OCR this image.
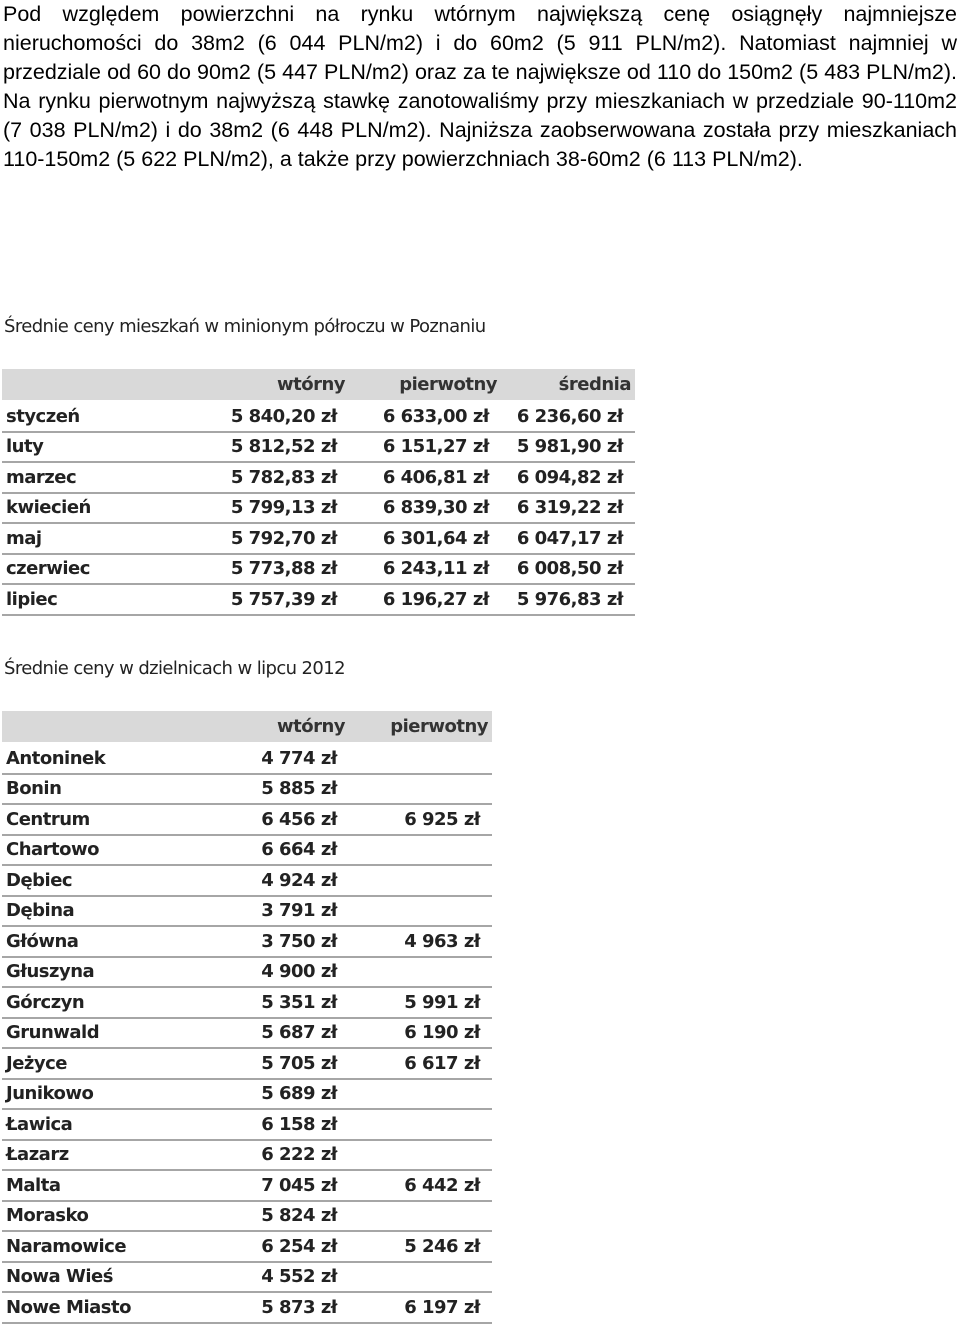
Pod względem powierzchni na rynku wtórnym największą cenę osiągnęły najmniejsze nieruchomości do 38m2 (6 044 PLN/m2) i do 60m2 (5 911 PLN/m2). Natomiast najmniej w przedziale od 60 do 90m2 (5 447 PLN/m2) oraz za te największe od 110 do 150m2 (5 483 PLN/m2). Na rynku pierwotnym najwyższą stawkę zanotowaliśmy przy mieszkaniach w przedziale 90-110m2 (7 038 PLN/m2) i do 38m2 (6 448 PLN/m2). Najniższa zaobserwowana została przy mieszkaniach 110-150m2 (5 622 PLN/m2), a także przy powierzchniach 38-60m2 (6 113 PLN/m2).

Średnie ceny mieszkań w minionym półroczu w Poznaniu
	wtórny	pierwotny	średnia
styczeń	5 840,20 zł	6 633,00 zł	6 236,60 zł
luty	5 812,52 zł	6 151,27 zł	5 981,90 zł
marzec	5 782,83 zł	6 406,81 zł	6 094,82 zł
kwiecień	5 799,13 zł	6 839,30 zł	6 319,22 zł
maj	5 792,70 zł	6 301,64 zł	6 047,17 zł
czerwiec	5 773,88 zł	6 243,11 zł	6 008,50 zł
lipiec	5 757,39 zł	6 196,27 zł	5 976,83 zł
Średnie ceny w dzielnicach w lipcu 2012
	wtórny	pierwotny
Antoninek	4 774 zł	
Bonin	5 885 zł	
Centrum	6 456 zł	6 925 zł
Chartowo	6 664 zł	
Dębiec	4 924 zł	
Dębina	3 791 zł	
Główna	3 750 zł	4 963 zł
Głuszyna	4 900 zł	
Górczyn	5 351 zł	5 991 zł
Grunwald	5 687 zł	6 190 zł
Jeżyce	5 705 zł	6 617 zł
Junikowo	5 689 zł	
Ławica	6 158 zł	
Łazarz	6 222 zł	
Malta	7 045 zł	6 442 zł
Morasko	5 824 zł	
Naramowice	6 254 zł	5 246 zł
Nowa Wieś	4 552 zł	
Nowe Miasto	5 873 zł	6 197 zł
